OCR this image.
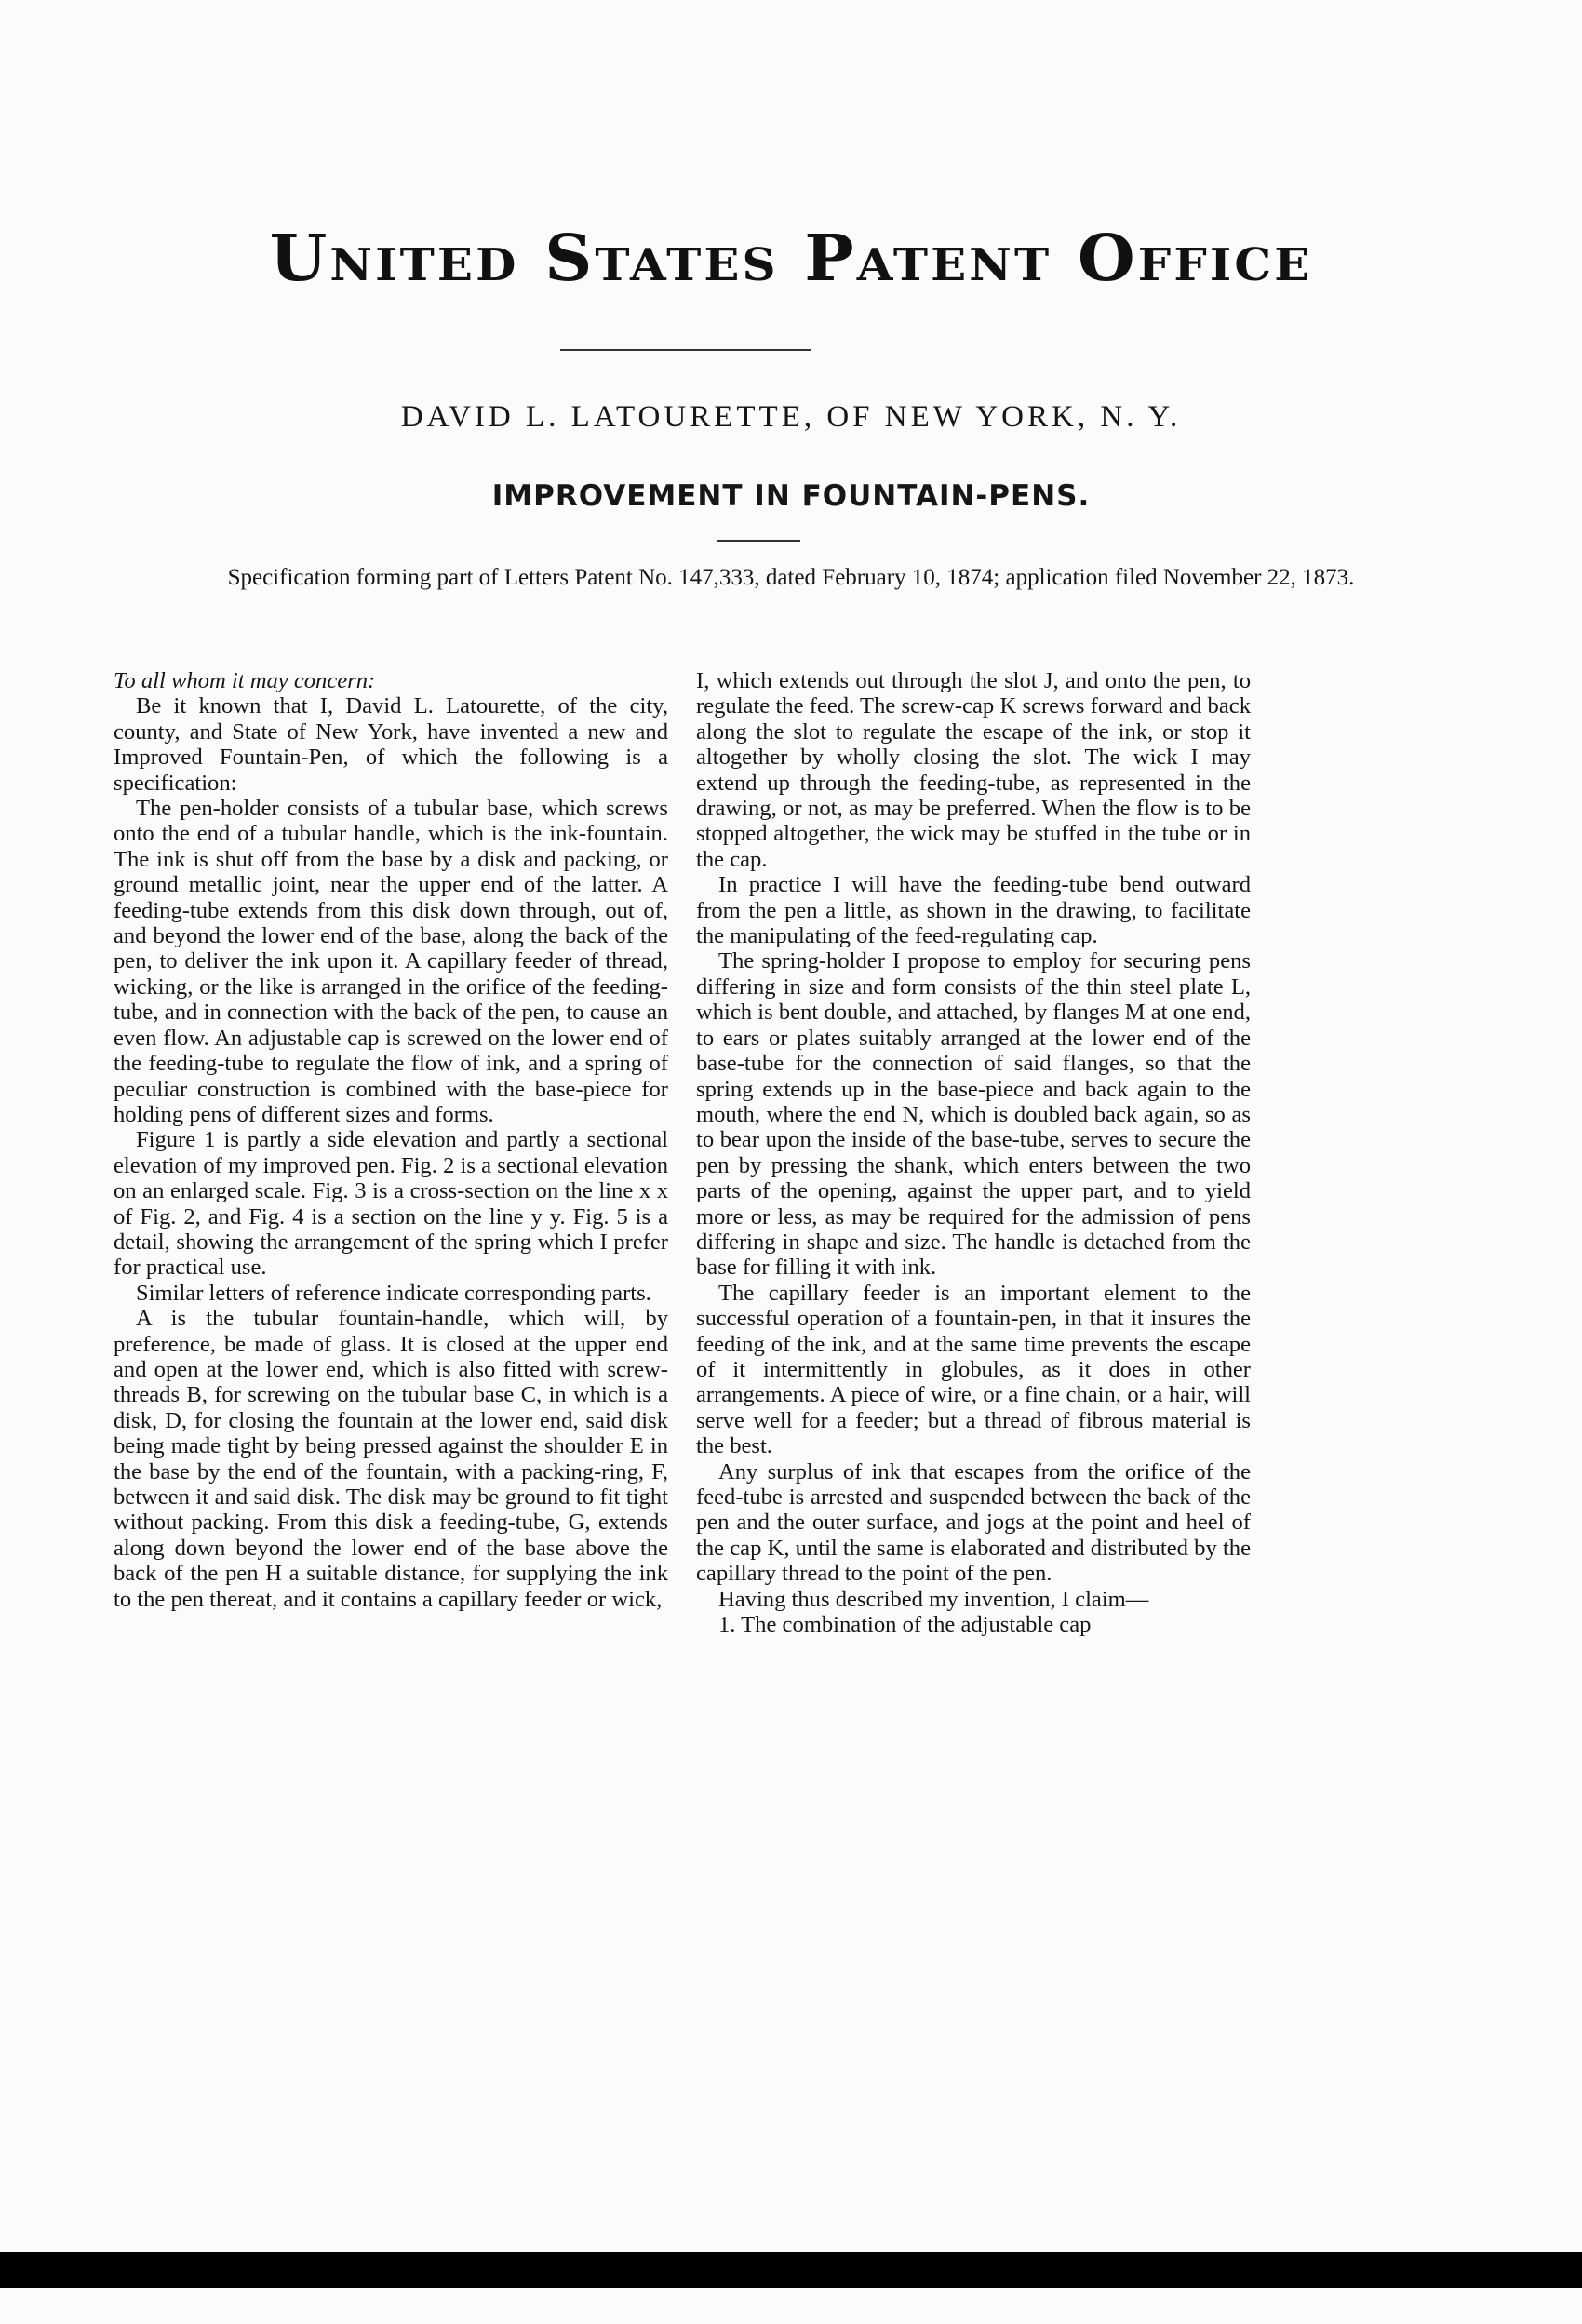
United States Patent Office
DAVID L. LATOURETTE, OF NEW YORK, N. Y.
IMPROVEMENT IN FOUNTAIN-PENS.
Specification forming part of Letters Patent No. 147,333, dated February 10, 1874; application filed November 22, 1873.

To all whom it may concern:

Be it known that I, David L. Latourette, of the city, county, and State of New York, have invented a new and Improved Fountain-Pen, of which the following is a specification:

The pen-holder consists of a tubular base, which screws onto the end of a tubular handle, which is the ink-fountain. The ink is shut off from the base by a disk and packing, or ground metallic joint, near the upper end of the latter. A feeding-tube extends from this disk down through, out of, and beyond the lower end of the base, along the back of the pen, to deliver the ink upon it. A capillary feeder of thread, wicking, or the like is arranged in the orifice of the feeding-tube, and in connection with the back of the pen, to cause an even flow. An adjustable cap is screwed on the lower end of the feeding-tube to regulate the flow of ink, and a spring of peculiar construction is combined with the base-piece for holding pens of different sizes and forms.

Figure 1 is partly a side elevation and partly a sectional elevation of my improved pen. Fig. 2 is a sectional elevation on an enlarged scale. Fig. 3 is a cross-section on the line x x of Fig. 2, and Fig. 4 is a section on the line y y. Fig. 5 is a detail, showing the arrangement of the spring which I prefer for practical use.

Similar letters of reference indicate corresponding parts.

A is the tubular fountain-handle, which will, by preference, be made of glass. It is closed at the upper end and open at the lower end, which is also fitted with screw-threads B, for screwing on the tubular base C, in which is a disk, D, for closing the fountain at the lower end, said disk being made tight by being pressed against the shoulder E in the base by the end of the fountain, with a packing-ring, F, between it and said disk. The disk may be ground to fit tight without packing. From this disk a feeding-tube, G, extends along down beyond the lower end of the base above the back of the pen H a suitable distance, for supplying the ink to the pen thereat, and it contains a capillary feeder or wick,

I, which extends out through the slot J, and onto the pen, to regulate the feed. The screw-cap K screws forward and back along the slot to regulate the escape of the ink, or stop it altogether by wholly closing the slot. The wick I may extend up through the feeding-tube, as represented in the drawing, or not, as may be preferred. When the flow is to be stopped altogether, the wick may be stuffed in the tube or in the cap.

In practice I will have the feeding-tube bend outward from the pen a little, as shown in the drawing, to facilitate the manipulating of the feed-regulating cap.

The spring-holder I propose to employ for securing pens differing in size and form consists of the thin steel plate L, which is bent double, and attached, by flanges M at one end, to ears or plates suitably arranged at the lower end of the base-tube for the connection of said flanges, so that the spring extends up in the base-piece and back again to the mouth, where the end N, which is doubled back again, so as to bear upon the inside of the base-tube, serves to secure the pen by pressing the shank, which enters between the two parts of the opening, against the upper part, and to yield more or less, as may be required for the admission of pens differing in shape and size. The handle is detached from the base for filling it with ink.

The capillary feeder is an important element to the successful operation of a fountain-pen, in that it insures the feeding of the ink, and at the same time prevents the escape of it intermittently in globules, as it does in other arrangements. A piece of wire, or a fine chain, or a hair, will serve well for a feeder; but a thread of fibrous material is the best.

Any surplus of ink that escapes from the orifice of the feed-tube is arrested and suspended between the back of the pen and the outer surface, and jogs at the point and heel of the cap K, until the same is elaborated and distributed by the capillary thread to the point of the pen.

Having thus described my invention, I claim—

1. The combination of the adjustable cap
